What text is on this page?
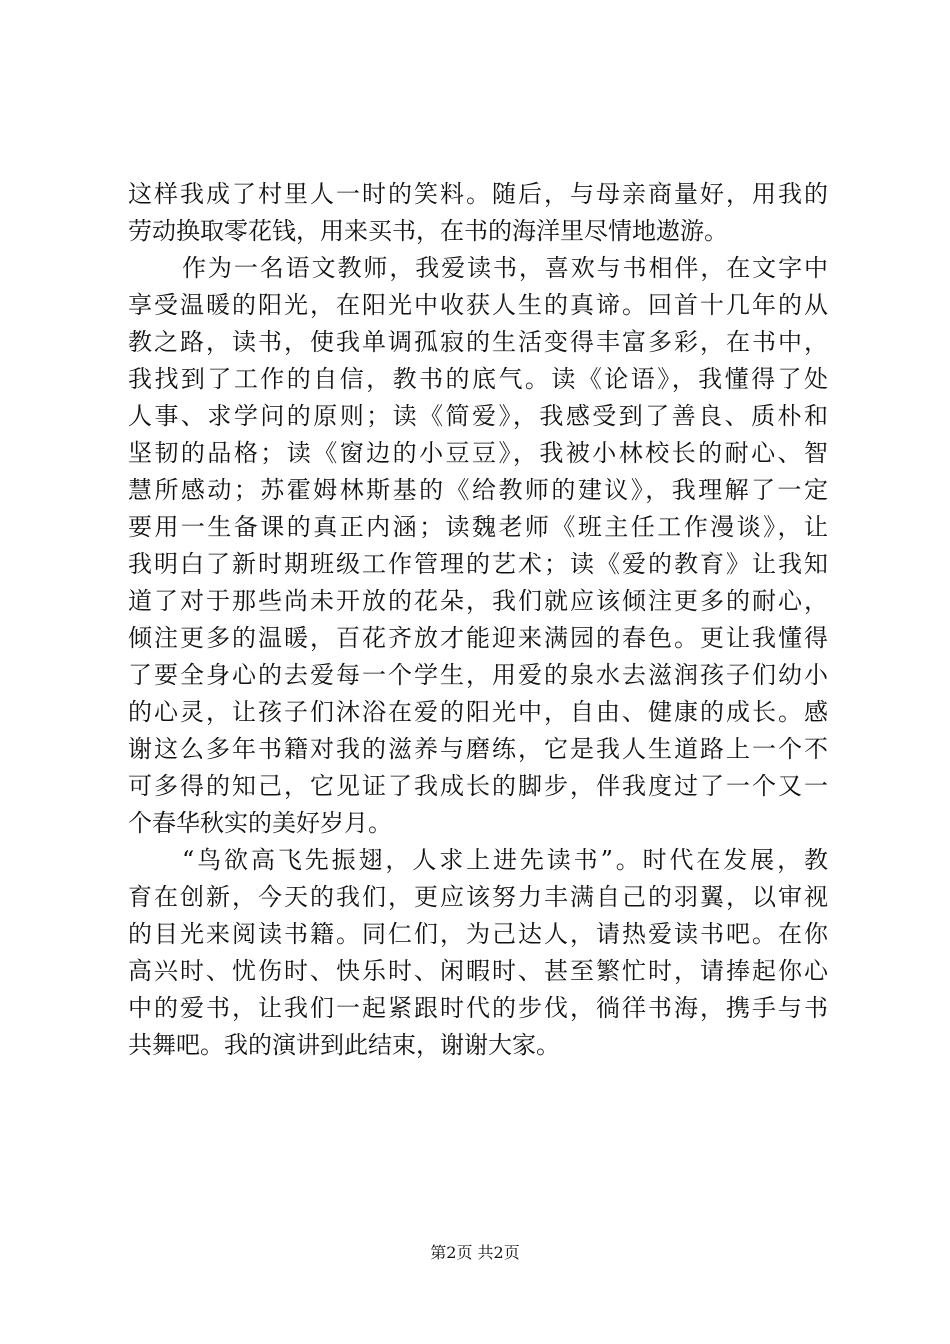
这样我成了村里人一时的笑料。随后，与母亲商量好，用我的
劳动换取零花钱，用来买书，在书的海洋里尽情地遨游。
作为一名语文教师，我爱读书，喜欢与书相伴，在文字中
享受温暖的阳光，在阳光中收获人生的真谛。回首十几年的从
教之路，读书，使我单调孤寂的生活变得丰富多彩，在书中，
我找到了工作的自信，教书的底气。读《论语》，我懂得了处
人事、求学问的原则；读《简爱》，我感受到了善良、质朴和
坚韧的品格；读《窗边的小豆豆》，我被小林校长的耐心、智
慧所感动；苏霍姆林斯基的《给教师的建议》，我理解了一定
要用一生备课的真正内涵；读魏老师《班主任工作漫谈》，让
我明白了新时期班级工作管理的艺术；读《爱的教育》让我知
道了对于那些尚未开放的花朵，我们就应该倾注更多的耐心，
倾注更多的温暖，百花齐放才能迎来满园的春色。更让我懂得
了要全身心的去爱每一个学生，用爱的泉水去滋润孩子们幼小
的心灵，让孩子们沐浴在爱的阳光中，自由、健康的成长。感
谢这么多年书籍对我的滋养与磨练，它是我人生道路上一个不
可多得的知己，它见证了我成长的脚步，伴我度过了一个又一
个春华秋实的美好岁月。
“鸟欲高飞先振翅，人求上进先读书”。时代在发展，教
育在创新，今天的我们，更应该努力丰满自己的羽翼，以审视
的目光来阅读书籍。同仁们，为己达人，请热爱读书吧。在你
高兴时、忧伤时、快乐时、闲暇时、甚至繁忙时，请捧起你心
中的爱书，让我们一起紧跟时代的步伐，徜徉书海，携手与书
共舞吧。我的演讲到此结束，谢谢大家。
第2页 共2页
